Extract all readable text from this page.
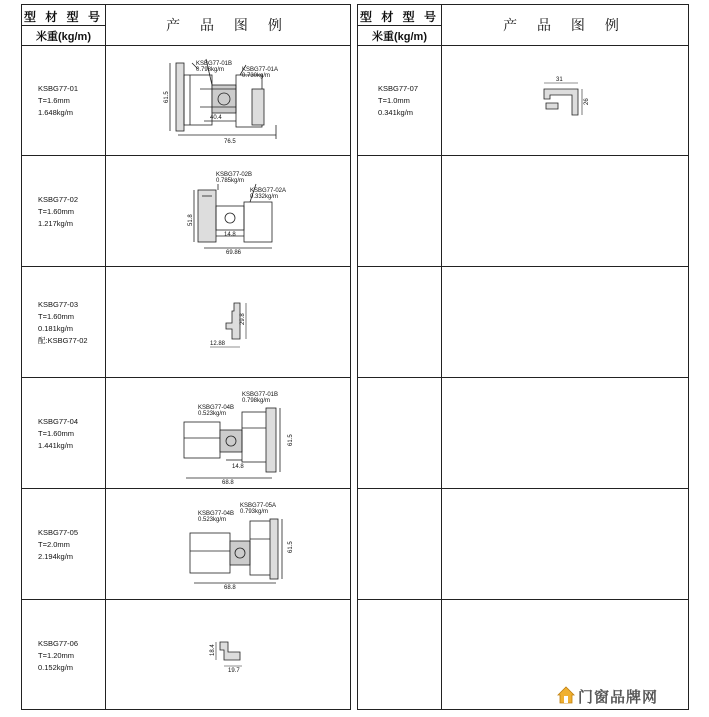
型 材 型 号
米重(kg/m)
产 品 图 例
KSBG77-01
T=1.6mm
1.648kg/m
KSBG77-01B
0.798kg/m	KSBG77-01A
0.730kg/m
61.5
40.4
76.5
KSBG77-02
T=1.60mm
1.217kg/m
KSBG77-02B
0.785kg/m
KSBG77-02A
0.332kg/m
51.8
14.8
69.86
KSBG77-03
T=1.60mm
0.181kg/m
配:KSBG77-02
29.8
12.88
KSBG77-04
T=1.60mm
1.441kg/m
KSBG77-01B
0.798kg/m
KSBG77-04B
0.523kg/m
61.5
14.8
68.8
KSBG77-05
T=2.0mm
2.194kg/m
KSBG77-05A
0.793kg/m
KSBG77-04B
0.523kg/m
61.5
68.8
KSBG77-06
T=1.20mm
0.152kg/m
18.4
19.7
型 材 型 号
米重(kg/m)
产 品 图 例
KSBG77-07
T=1.0mm
0.341kg/m
31
26
门窗品牌网
